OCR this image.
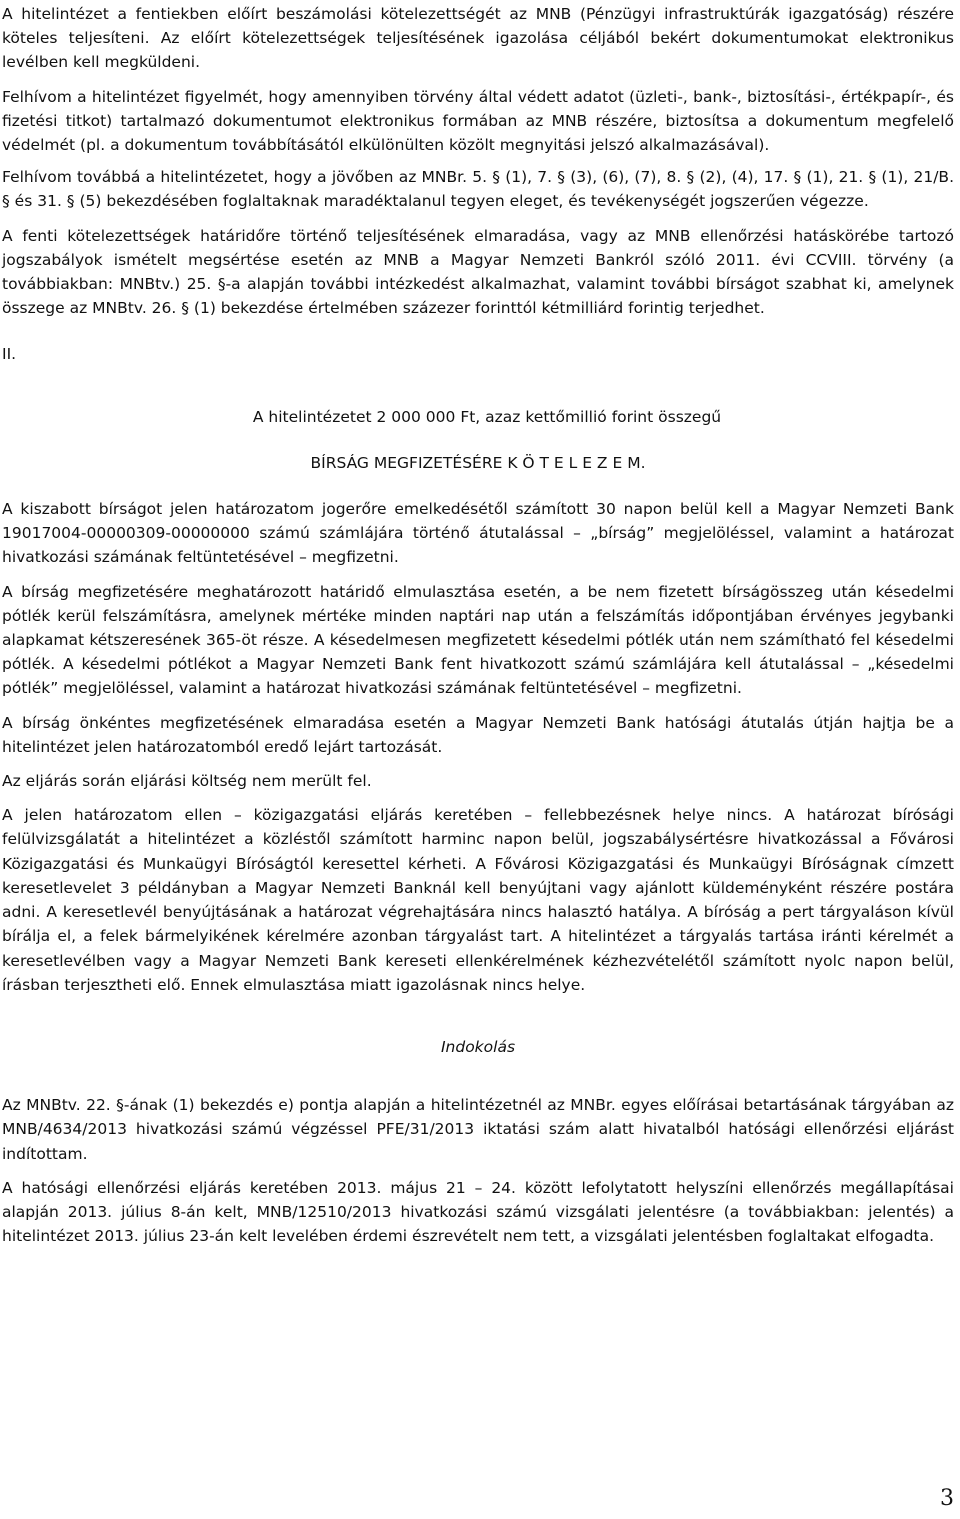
A hitelintézet a fentiekben előírt beszámolási kötelezettségét az MNB (Pénzügyi infrastruktúrák igazgatóság) részére köteles teljesíteni. Az előírt kötelezettségek teljesítésének igazolása céljából bekért dokumentumokat elektronikus levélben kell megküldeni.

Felhívom a hitelintézet figyelmét, hogy amennyiben törvény által védett adatot (üzleti-, bank-, biztosítási-, értékpapír-, és fizetési titkot) tartalmazó dokumentumot elektronikus formában az MNB részére, biztosítsa a dokumentum megfelelő védelmét (pl. a dokumentum továbbításától elkülönülten közölt megnyitási jelszó alkalmazásával).

Felhívom továbbá a hitelintézetet, hogy a jövőben az MNBr. 5. § (1), 7. § (3), (6), (7), 8. § (2), (4), 17. § (1), 21. § (1), 21/B. § és 31. § (5) bekezdésében foglaltaknak maradéktalanul tegyen eleget, és tevékenységét jogszerűen végezze.

A fenti kötelezettségek határidőre történő teljesítésének elmaradása, vagy az MNB ellenőrzési hatáskörébe tartozó jogszabályok ismételt megsértése esetén az MNB a Magyar Nemzeti Bankról szóló 2011. évi CCVIII. törvény (a továbbiakban: MNBtv.) 25. §-a alapján további intézkedést alkalmazhat, valamint további bírságot szabhat ki, amelynek összege az MNBtv. 26. § (1) bekezdése értelmében százezer forinttól kétmilliárd forintig terjedhet.

II.

A hitelintézetet 2 000 000 Ft, azaz kettőmillió forint összegű

BÍRSÁG MEGFIZETÉSÉRE K Ö T E L E Z E M.

A kiszabott bírságot jelen határozatom jogerőre emelkedésétől számított 30 napon belül kell a Magyar Nemzeti Bank 19017004-00000309-00000000 számú számlájára történő átutalással – „bírság” megjelöléssel, valamint a határozat hivatkozási számának feltüntetésével – megfizetni.

A bírság megfizetésére meghatározott határidő elmulasztása esetén, a be nem fizetett bírságösszeg után késedelmi pótlék kerül felszámításra, amelynek mértéke minden naptári nap után a felszámítás időpontjában érvényes jegybanki alapkamat kétszeresének 365-öt része. A késedelmesen megfizetett késedelmi pótlék után nem számítható fel késedelmi pótlék. A késedelmi pótlékot a Magyar Nemzeti Bank fent hivatkozott számú számlájára kell átutalással – „késedelmi pótlék” megjelöléssel, valamint a határozat hivatkozási számának feltüntetésével – megfizetni.

A bírság önkéntes megfizetésének elmaradása esetén a Magyar Nemzeti Bank hatósági átutalás útján hajtja be a hitelintézet jelen határozatomból eredő lejárt tartozását.

Az eljárás során eljárási költség nem merült fel.

A jelen határozatom ellen – közigazgatási eljárás keretében – fellebbezésnek helye nincs. A határozat bírósági felülvizsgálatát a hitelintézet a közléstől számított harminc napon belül, jogszabálysértésre hivatkozással a Fővárosi Közigazgatási és Munkaügyi Bíróságtól keresettel kérheti. A Fővárosi Közigazgatási és Munkaügyi Bíróságnak címzett keresetlevelet 3 példányban a Magyar Nemzeti Banknál kell benyújtani vagy ajánlott küldeményként részére postára adni. A keresetlevél benyújtásának a határozat végrehajtására nincs halasztó hatálya. A bíróság a pert tárgyaláson kívül bírálja el, a felek bármelyikének kérelmére azonban tárgyalást tart. A hitelintézet a tárgyalás tartása iránti kérelmét a keresetlevélben vagy a Magyar Nemzeti Bank kereseti ellenkérelmének kézhezvételétől számított nyolc napon belül, írásban terjesztheti elő. Ennek elmulasztása miatt igazolásnak nincs helye.

Indokolás

Az MNBtv. 22. §-ának (1) bekezdés e) pontja alapján a hitelintézetnél az MNBr. egyes előírásai betartásának tárgyában az MNB/4634/2013 hivatkozási számú végzéssel PFE/31/2013 iktatási szám alatt hivatalból hatósági ellenőrzési eljárást indítottam.

A hatósági ellenőrzési eljárás keretében 2013. május 21 – 24. között lefolytatott helyszíni ellenőrzés megállapításai alapján 2013. július 8-án kelt, MNB/12510/2013 hivatkozási számú vizsgálati jelentésre (a továbbiakban: jelentés) a hitelintézet 2013. július 23-án kelt levelében érdemi észrevételt nem tett, a vizsgálati jelentésben foglaltakat elfogadta.

3
